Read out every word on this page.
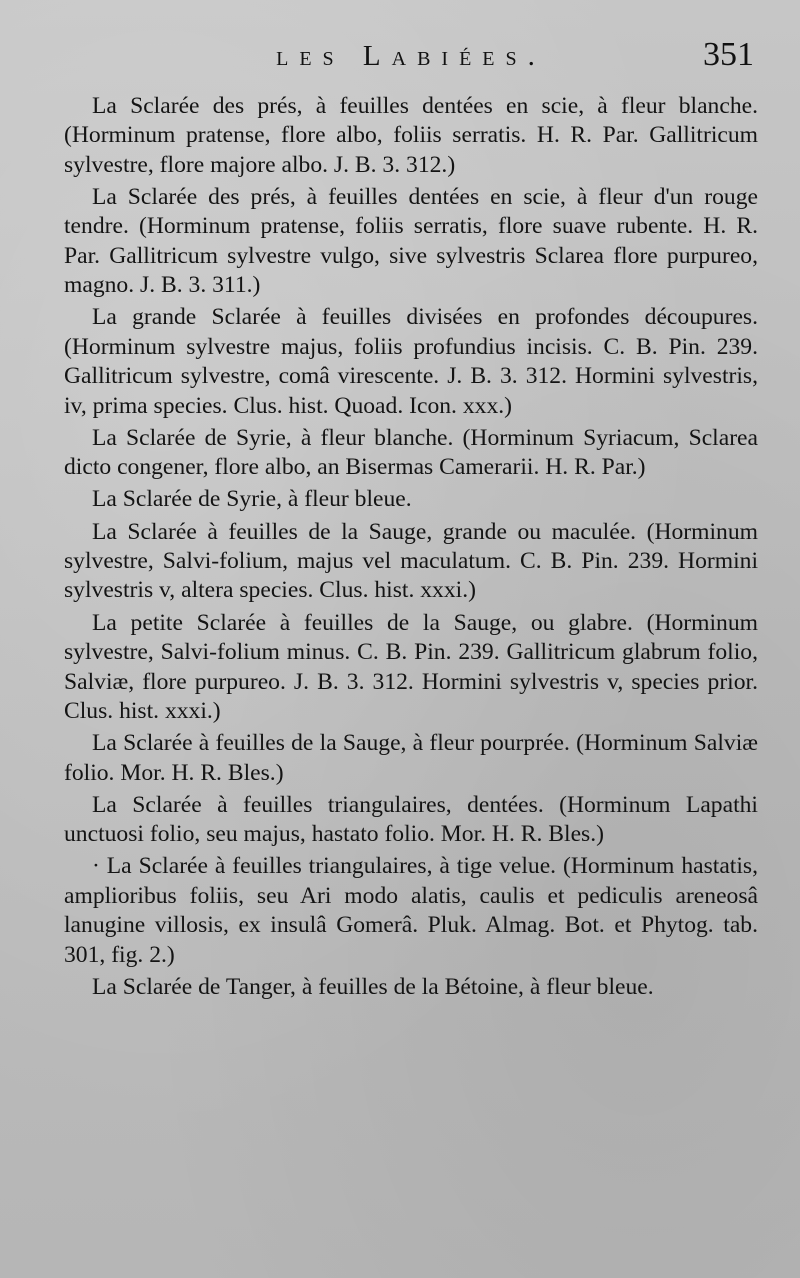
les Labiées.	351

La Sclarée des prés, à feuilles dentées en scie, à fleur blanche. (Horminum pratense, flore albo, foliis serratis. H. R. Par. Gallitricum sylvestre, flore majore albo. J. B. 3. 312.)

La Sclarée des prés, à feuilles dentées en scie, à fleur d'un rouge tendre. (Horminum pratense, foliis serratis, flore suave rubente. H. R. Par. Gallitricum sylvestre vulgo, sive sylvestris Sclarea flore purpureo, magno. J. B. 3. 311.)

La grande Sclarée à feuilles divisées en profondes découpures. (Horminum sylvestre majus, foliis profundius incisis. C. B. Pin. 239. Gallitricum sylvestre, comâ virescente. J. B. 3. 312. Hormini sylvestris, iv, prima species. Clus. hist. Quoad. Icon. xxx.)

La Sclarée de Syrie, à fleur blanche. (Horminum Syriacum, Sclarea dicto congener, flore albo, an Bisermas Camerarii. H. R. Par.)

La Sclarée de Syrie, à fleur bleue.

La Sclarée à feuilles de la Sauge, grande ou maculée. (Horminum sylvestre, Salvi-folium, majus vel maculatum. C. B. Pin. 239. Hormini sylvestris v, altera species. Clus. hist. xxxi.)

La petite Sclarée à feuilles de la Sauge, ou glabre. (Horminum sylvestre, Salvi-folium minus. C. B. Pin. 239. Gallitricum glabrum folio, Salviæ, flore purpureo. J. B. 3. 312. Hormini sylvestris v, species prior. Clus. hist. xxxi.)

La Sclarée à feuilles de la Sauge, à fleur pourprée. (Horminum Salviæ folio. Mor. H. R. Bles.)

La Sclarée à feuilles triangulaires, dentées. (Horminum Lapathi unctuosi folio, seu majus, hastato folio. Mor. H. R. Bles.)

· La Sclarée à feuilles triangulaires, à tige velue. (Horminum hastatis, amplioribus foliis, seu Ari modo alatis, caulis et pediculis areneosâ lanugine villosis, ex insulâ Gomerâ. Pluk. Almag. Bot. et Phytog. tab. 301, fig. 2.)

La Sclarée de Tanger, à feuilles de la Bétoine, à fleur bleue.
